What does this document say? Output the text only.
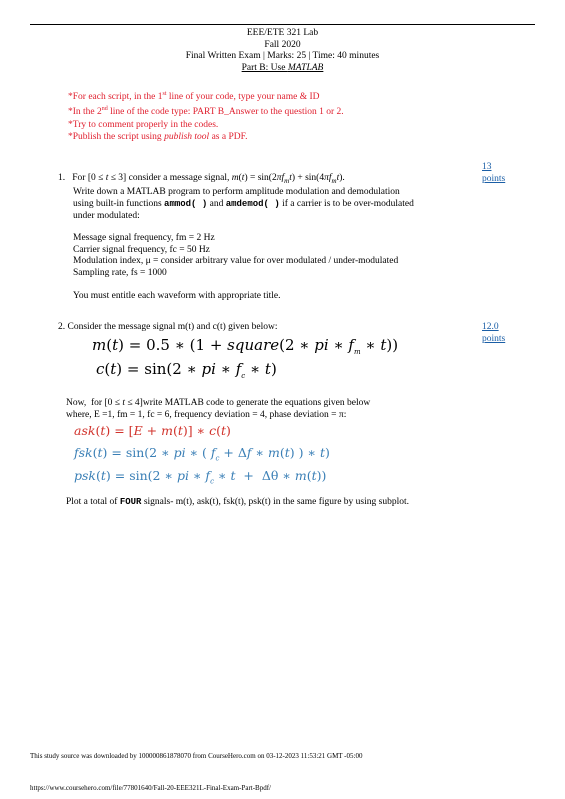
EEE/ETE 321 Lab
Fall 2020
Final Written Exam | Marks: 25 | Time: 40 minutes
Part B: Use MATLAB
*For each script, in the 1st line of your code, type your name & ID
*In the 2nd line of the code type: PART B_Answer to the question 1 or 2.
*Try to comment properly in the codes.
*Publish the script using publish tool as a PDF.
13
points

1.   For [0 ≤ t ≤ 3] consider a message signal, $m(t) = \sin(2\pi f_mt) + \sin(4\pi f_mt)$.

Write down a MATLAB program to perform amplitude modulation and demodulation

using built-in functions ammod( ) and amdemod( ) if a carrier is to be over-modulated

under modulated:

Message signal frequency, fm = 2 Hz

Carrier signal frequency, fc = 50 Hz

Modulation index, μ = consider arbitrary value for over modulated / under-modulated

Sampling rate, fs = 1000

You must entitle each waveform with appropriate title.

12.0
points

2. Consider the message signal m(t) and c(t) given below:

m(t) = 0.5 ∗ (1 + square(2 ∗ pi ∗ $f_m$ ∗ t))
c(t) = sin(2 ∗ pi ∗ $f_c$ ∗ t)

Now,  for [0 ≤ t ≤ 4]write MATLAB code to generate the equations given below

where, E =1, fm = 1, fc = 6, frequency deviation = 4, phase deviation = π:

ask(t) = [E + m(t)] ∗ c(t)
fsk(t) = sin(2 ∗ pi ∗ ( $f_c + \Delta f$ ∗ m(t) ) ∗ t)
psk(t) = sin(2 ∗ pi ∗ $f_c$ ∗ t  +  Δθ ∗ m(t))

Plot a total of FOUR signals- m(t), ask(t), fsk(t), psk(t) in the same figure by using subplot.

This study source was downloaded by 100000861878070 from CourseHero.com on 03-12-2023 11:53:21 GMT -05:00
https://www.coursehero.com/file/77801640/Fall-20-EEE321L-Final-Exam-Part-Bpdf/
